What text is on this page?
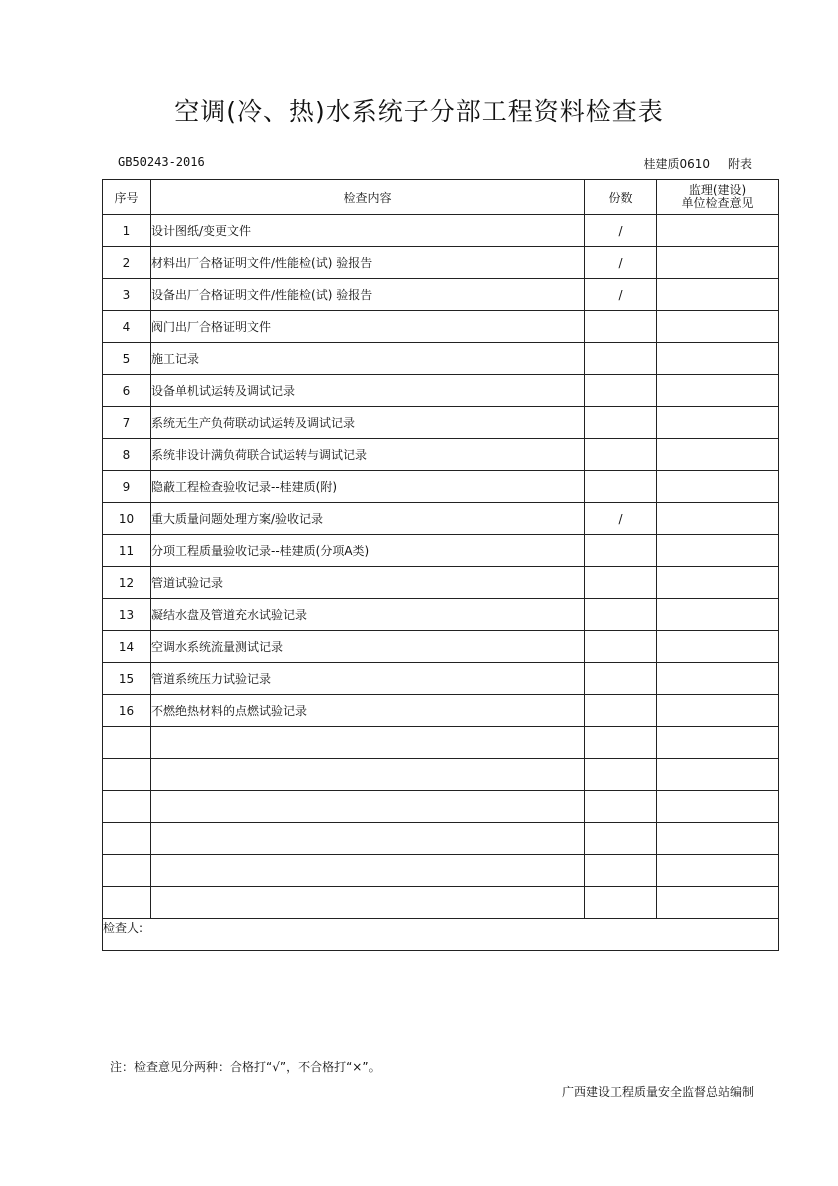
空调(冷、热)水系统子分部工程资料检查表
GB50243-2016	桂建质0610 附表
序号	检查内容	份数	监理(建设)
单位检查意见

1	设计图纸/变更文件	/	
2	材料出厂合格证明文件/性能检(试) 验报告	/	
3	设备出厂合格证明文件/性能检(试) 验报告	/	
4	阀门出厂合格证明文件		
5	施工记录		
6	设备单机试运转及调试记录		
7	系统无生产负荷联动试运转及调试记录		
8	系统非设计满负荷联合试运转与调试记录		
9	隐蔽工程检查验收记录--桂建质(附)		
10	重大质量问题处理方案/验收记录	/	
11	分项工程质量验收记录--桂建质(分项A类)		
12	管道试验记录		
13	凝结水盘及管道充水试验记录		
14	空调水系统流量测试记录		
15	管道系统压力试验记录		
16	不燃绝热材料的点燃试验记录		

检查人:			
注：检查意见分两种：合格打“√”，不合格打“×”。
广西建设工程质量安全监督总站编制
